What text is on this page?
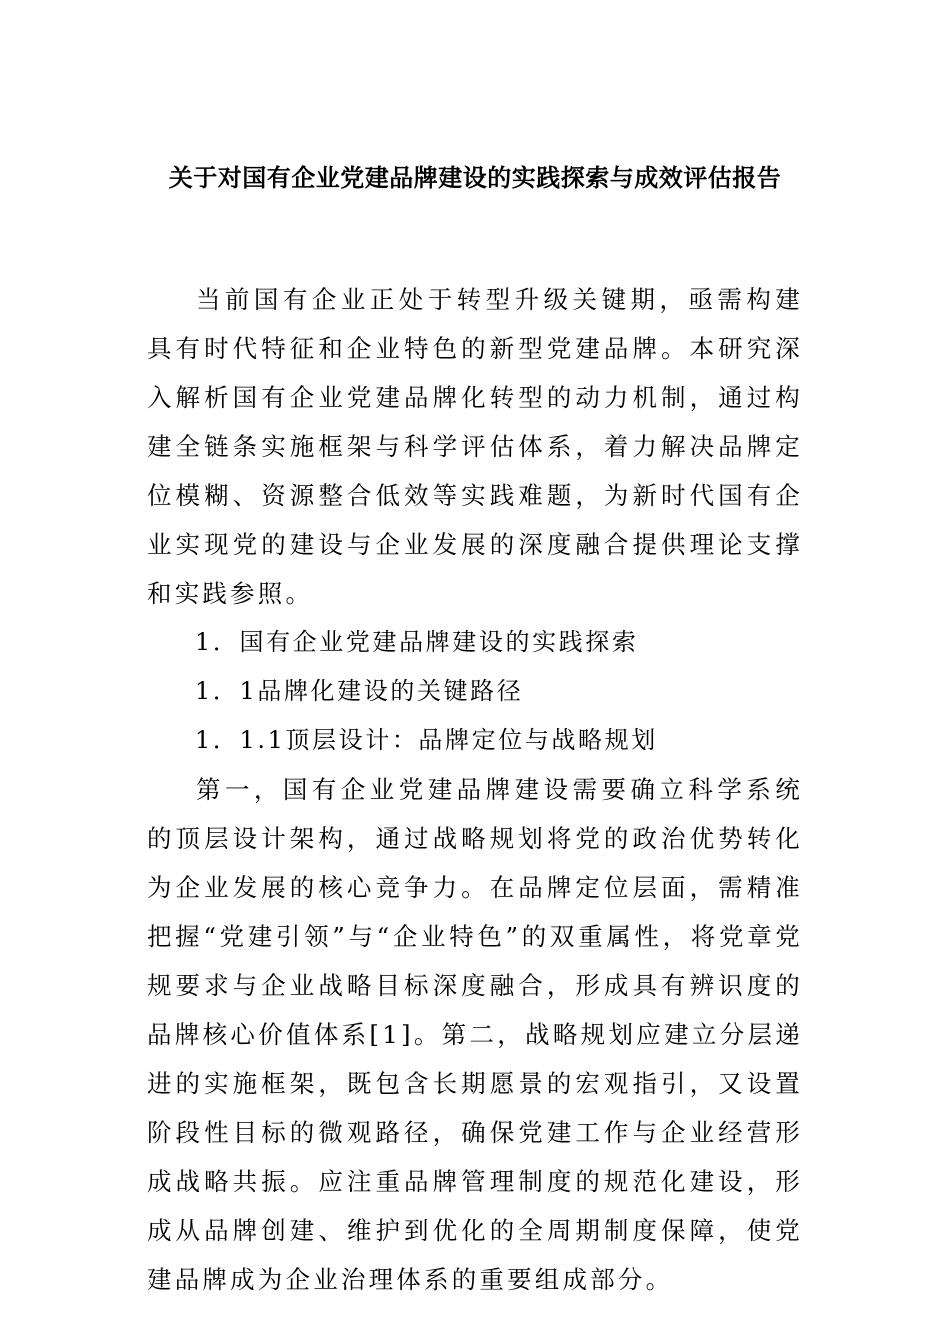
关于对国有企业党建品牌建设的实践探索与成效评估报告

当前国有企业正处于转型升级关键期，亟需构建具有时代特征和企业特色的新型党建品牌。本研究深入解析国有企业党建品牌化转型的动力机制，通过构建全链条实施框架与科学评估体系，着力解决品牌定位模糊、资源整合低效等实践难题，为新时代国有企业实现党的建设与企业发展的深度融合提供理论支撑和实践参照。

1．国有企业党建品牌建设的实践探索

1．1品牌化建设的关键路径

1．1.1顶层设计：品牌定位与战略规划

第一，国有企业党建品牌建设需要确立科学系统的顶层设计架构，通过战略规划将党的政治优势转化为企业发展的核心竞争力。在品牌定位层面，需精准把握“党建引领”与“企业特色”的双重属性，将党章党规要求与企业战略目标深度融合，形成具有辨识度的品牌核心价值体系[1]。第二，战略规划应建立分层递进的实施框架，既包含长期愿景的宏观指引，又设置阶段性目标的微观路径，确保党建工作与企业经营形成战略共振。应注重品牌管理制度的规范化建设，形成从品牌创建、维护到优化的全周期制度保障，使党建品牌成为企业治理体系的重要组成部分。
